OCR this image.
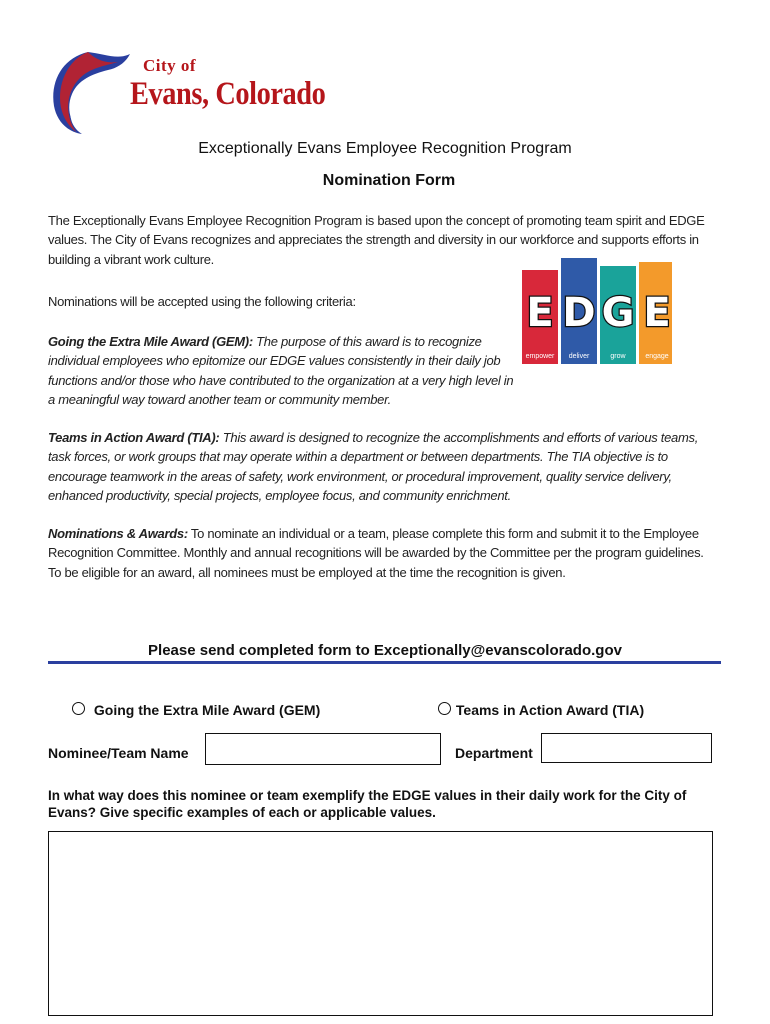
City of
Evans, Colorado
Exceptionally Evans Employee Recognition Program
Nomination Form
The Exceptionally Evans Employee Recognition Program is based upon the concept of promoting team spirit and EDGE values. The City of Evans recognizes and appreciates the strength and diversity in our workforce and supports efforts in building a vibrant work culture.
Nominations will be accepted using the following criteria:
Going the Extra Mile Award (GEM): The purpose of this award is to recognize individual employees who epitomize our EDGE values consistently in their daily job functions and/or those who have contributed to the organization at a very high level in a meaningful way toward another team or community member.
E
empower
D
deliver
G
grow
E
engage
Teams in Action Award (TIA): This award is designed to recognize the accomplishments and efforts of various teams, task forces, or work groups that may operate within a department or between departments. The TIA objective is to encourage teamwork in the areas of safety, work environment, or procedural improvement, quality service delivery, enhanced productivity, special projects, employee focus, and community enrichment.
Nominations & Awards: To nominate an individual or a team, please complete this form and submit it to the Employee Recognition Committee. Monthly and annual recognitions will be awarded by the Committee per the program guidelines. To be eligible for an award, all nominees must be employed at the time the recognition is given.
Please send completed form to Exceptionally@evanscolorado.gov
Going the Extra Mile Award (GEM)	Teams in Action Award (TIA)
Nominee/Team Name	Department
In what way does this nominee or team exemplify the EDGE values in their daily work for the City of Evans? Give specific examples of each or applicable values.
